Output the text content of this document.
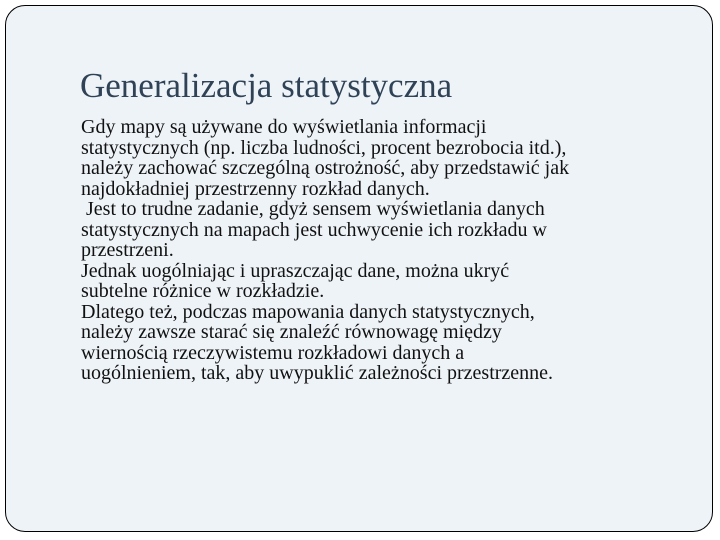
Generalizacja statystyczna
Gdy mapy są używane do wyświetlania informacji
statystycznych (np. liczba ludności, procent bezrobocia itd.),
należy zachować szczególną ostrożność, aby przedstawić jak
najdokładniej przestrzenny rozkład danych.
Jest to trudne zadanie, gdyż sensem wyświetlania danych
statystycznych na mapach jest uchwycenie ich rozkładu w
przestrzeni.
Jednak uogólniając i upraszczając dane, można ukryć
subtelne różnice w rozkładzie.
Dlatego też, podczas mapowania danych statystycznych,
należy zawsze starać się znaleźć równowagę między
wiernością rzeczywistemu rozkładowi danych a
uogólnieniem, tak, aby uwypuklić zależności przestrzenne.
